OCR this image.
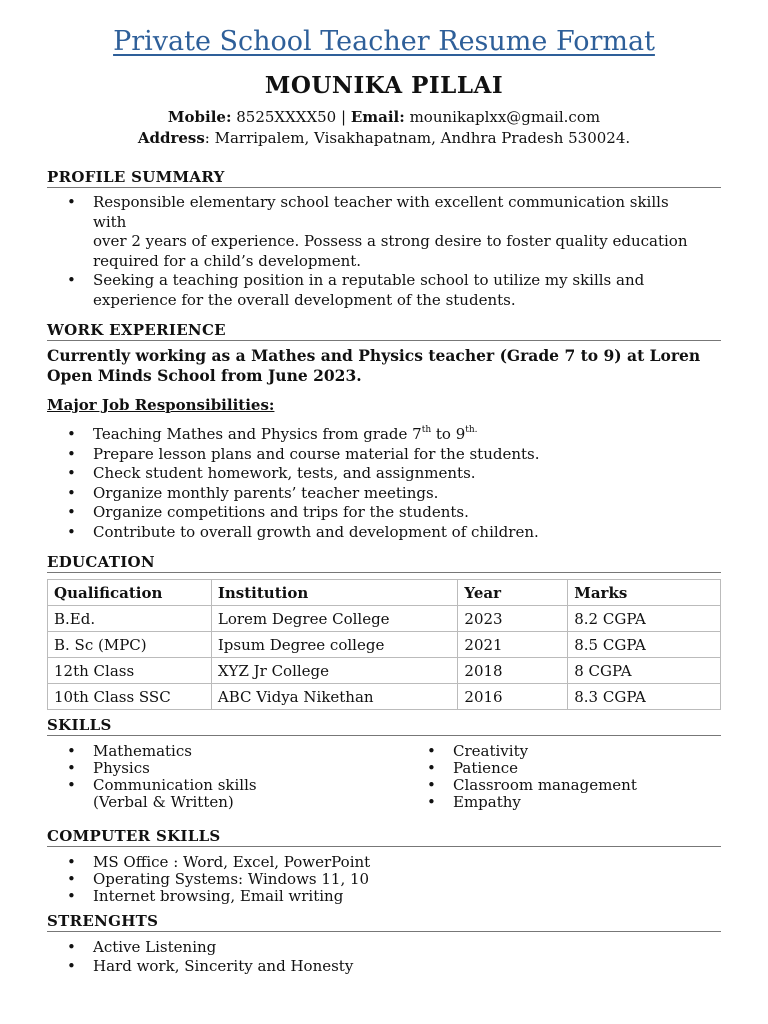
Private School Teacher Resume Format
MOUNIKA PILLAI
Mobile: 8525XXXX50 | Email: mounikaplxx@gmail.com
Address: Marripalem, Visakhapatnam, Andhra Pradesh 530024.
PROFILE SUMMARY
• Responsible elementary school teacher with excellent communication skills
with
over 2 years of experience. Possess a strong desire to foster quality education
required for a child’s development.
• Seeking a teaching position in a reputable school to utilize my skills and
experience for the overall development of the students.
WORK EXPERIENCE
Currently working as a Mathes and Physics teacher (Grade 7 to 9) at Loren
Open Minds School from June 2023.
Major Job Responsibilities:
• Teaching Mathes and Physics from grade 7th to $9^{th.}$
• Prepare lesson plans and course material for the students.
• Check student homework, tests, and assignments.
• Organize monthly parents’ teacher meetings.
• Organize competitions and trips for the students.
• Contribute to overall growth and development of children.
EDUCATION
Qualification	Institution	Year	Marks
B.Ed.	Lorem Degree College	2023	8.2 CGPA
B. Sc (MPC)	Ipsum Degree college	2021	8.5 CGPA
12th Class	XYZ Jr College	2018	8 CGPA
10th Class SSC	ABC Vidya Nikethan	2016	8.3 CGPA
SKILLS
• Mathematics
• Physics
• Communication skills
(Verbal & Written)
• Creativity
• Patience
• Classroom management
• Empathy
COMPUTER SKILLS
• MS Office : Word, Excel, PowerPoint
• Operating Systems: Windows 11, 10
• Internet browsing, Email writing
STRENGHTS
• Active Listening
• Hard work, Sincerity and Honesty
